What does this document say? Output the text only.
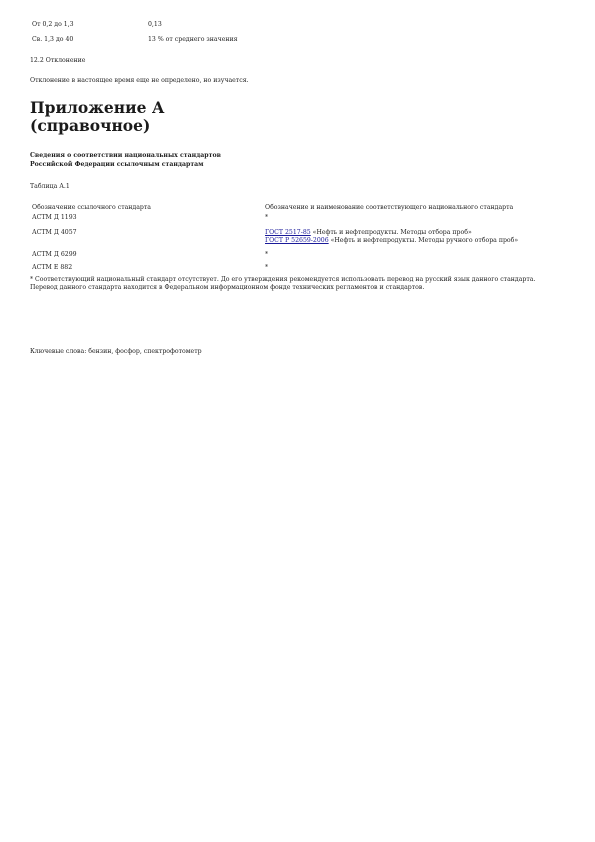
От 0,2 до 1,3	0,13
Св. 1,3 до 40	13 % от среднего значения
12.2 Отклонение
Отклонение в настоящее время еще не определено, но изучается.
Приложение А
(справочное)
Сведения о соответствии национальных стандартов
Российской Федерации ссылочным стандартам
Таблица А.1
Обозначение ссылочного стандарта	Обозначение и наименование соответствующего национального стандарта
АСТМ Д 1193	*
АСТМ Д 4057	ГОСТ 2517-85 «Нефть и нефтепродукты. Методы отбора проб»
ГОСТ Р 52659-2006 «Нефть и нефтепродукты. Методы ручного отбора проб»
АСТМ Д 6299	*
АСТМ Е 882	*
* Соответствующий национальный стандарт отсутствует. До его утверждения рекомендуется использовать перевод на русский язык данного стандарта. Перевод данного стандарта находится в Федеральном информационном фонде технических регламентов и стандартов.
Ключевые слова: бензин, фосфор, спектрофотометр
